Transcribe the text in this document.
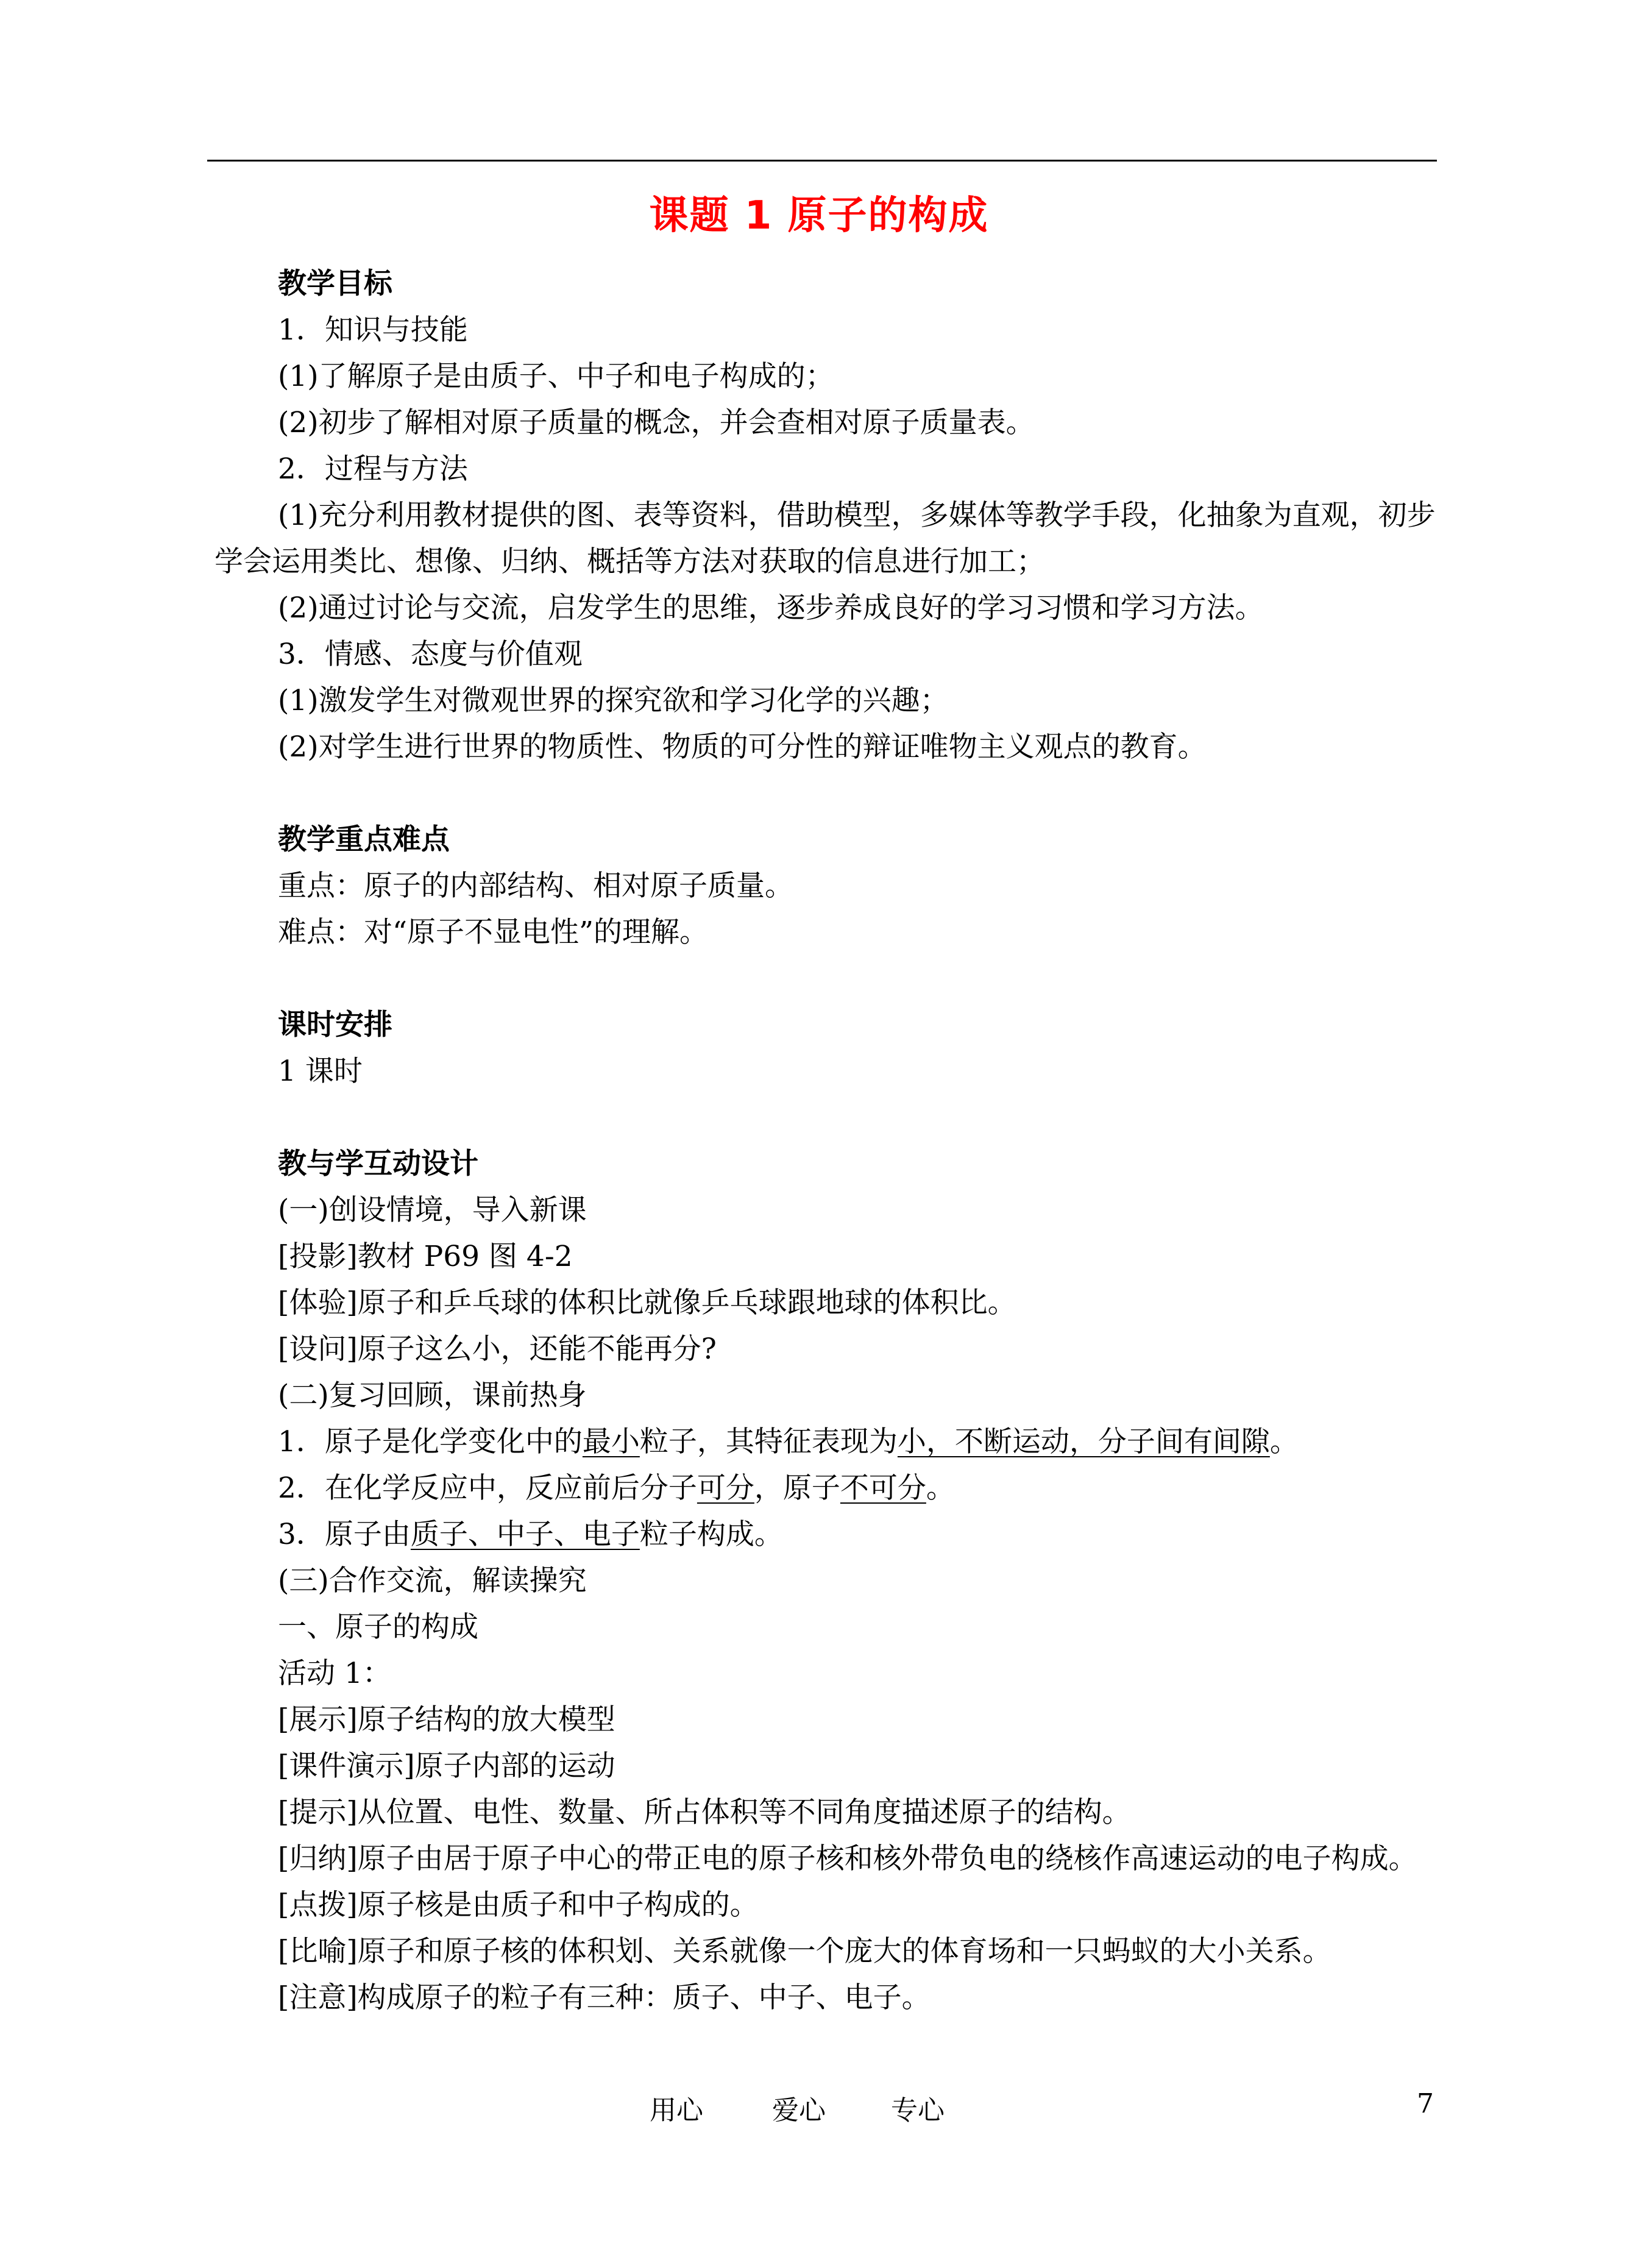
课题 1 原子的构成
教学目标
1．知识与技能
(1)了解原子是由质子、中子和电子构成的；
(2)初步了解相对原子质量的概念，并会查相对原子质量表。
2．过程与方法
(1)充分利用教材提供的图、表等资料，借助模型，多媒体等教学手段，化抽象为直观，初步学会运用类比、想像、归纳、概括等方法对获取的信息进行加工；
(2)通过讨论与交流，启发学生的思维，逐步养成良好的学习习惯和学习方法。
3．情感、态度与价值观
(1)激发学生对微观世界的探究欲和学习化学的兴趣；
(2)对学生进行世界的物质性、物质的可分性的辩证唯物主义观点的教育。
教学重点难点
重点：原子的内部结构、相对原子质量。
难点：对“原子不显电性”的理解。
课时安排
1 课时
教与学互动设计
(一)创设情境，导入新课
[投影]教材 P69 图 4-2
[体验]原子和乒乓球的体积比就像乒乓球跟地球的体积比。
[设问]原子这么小，还能不能再分?
(二)复习回顾，课前热身
1．原子是化学变化中的最小粒子，其特征表现为小，不断运动，分子间有间隙。
2．在化学反应中，反应前后分子可分，原子不可分。
3．原子由质子、中子、电子粒子构成。
(三)合作交流，解读操究
一、原子的构成
活动 1：
[展示]原子结构的放大模型
[课件演示]原子内部的运动
[提示]从位置、电性、数量、所占体积等不同角度描述原子的结构。
[归纳]原子由居于原子中心的带正电的原子核和核外带负电的绕核作高速运动的电子构成。
[点拨]原子核是由质子和中子构成的。
[比喻]原子和原子核的体积划、关系就像一个庞大的体育场和一只蚂蚁的大小关系。
[注意]构成原子的粒子有三种：质子、中子、电子。
用心	爱心 专心	7
